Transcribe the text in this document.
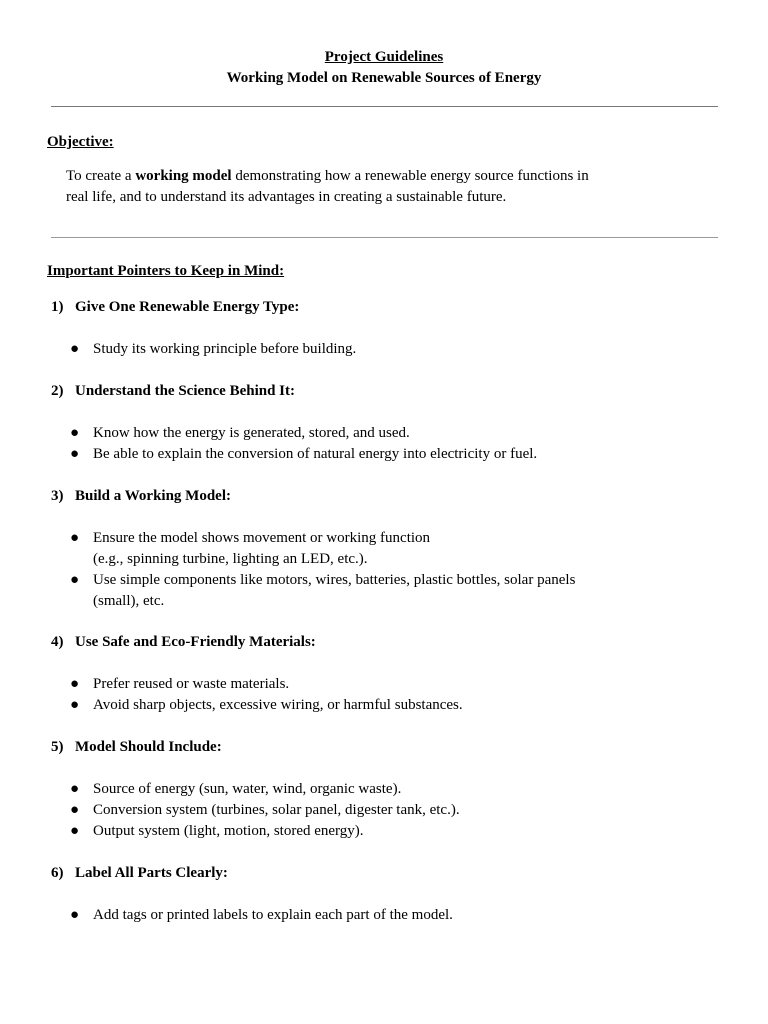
Project Guidelines
Working Model on Renewable Sources of Energy
Objective:
To create a working model demonstrating how a renewable energy source functions in
real life, and to understand its advantages in creating a sustainable future.
Important Pointers to Keep in Mind:
1) Give One Renewable Energy Type:
● Study its working principle before building.
2) Understand the Science Behind It:
● Know how the energy is generated, stored, and used.
● Be able to explain the conversion of natural energy into electricity or fuel.
3) Build a Working Model:
● Ensure the model shows movement or working function
(e.g., spinning turbine, lighting an LED, etc.).
● Use simple components like motors, wires, batteries, plastic bottles, solar panels
(small), etc.
4) Use Safe and Eco-Friendly Materials:
● Prefer reused or waste materials.
● Avoid sharp objects, excessive wiring, or harmful substances.
5) Model Should Include:
● Source of energy (sun, water, wind, organic waste).
● Conversion system (turbines, solar panel, digester tank, etc.).
● Output system (light, motion, stored energy).
6) Label All Parts Clearly:
● Add tags or printed labels to explain each part of the model.
